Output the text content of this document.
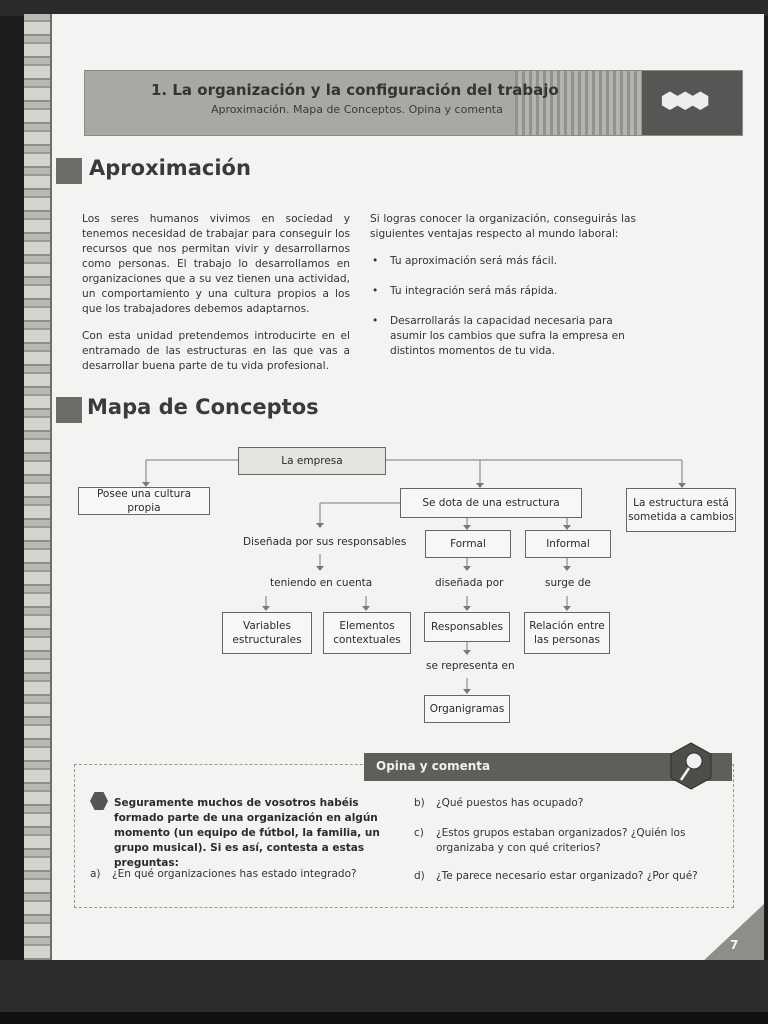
⬢⬢⬢
1. La organización y la configuración del trabajo
Aproximación. Mapa de Conceptos. Opina y comenta
Aproximación

Los seres humanos vivimos en sociedad y tenemos necesidad de trabajar para conseguir los recursos que nos permitan vivir y desarrollarnos como personas. El trabajo lo desarrollamos en organizaciones que a su vez tienen una actividad, un comportamiento y una cultura propios a los que los trabajadores debemos adaptarnos.

Con esta unidad pretendemos introducirte en el entramado de las estructuras en las que vas a desarrollar buena parte de tu vida profesional.

Si logras conocer la organización, conseguirás las siguientes ventajas respecto al mundo laboral:

• Tu aproximación será más fácil.
• Tu integración será más rápida.
• Desarrollarás la capacidad necesaria para asumir los cambios que sufra la empresa en distintos momentos de tu vida.
Mapa de Conceptos
La empresa
Posee una cultura propia	Se dota de una estructura	La estructura está sometida a cambios
Diseñada por sus responsables	Formal	Informal
teniendo en cuenta	diseñada por	surge de
Variables estructurales
Elementos contextuales
Responsables	Relación entre las personas
se representa en
Organigramas
Opina y comenta
Seguramente muchos de vosotros habéis formado parte de una organización en algún momento (un equipo de fútbol, la familia, un grupo musical). Si es así, contesta a estas preguntas:
a) ¿En qué organizaciones has estado integrado?
b) ¿Qué puestos has ocupado?
c)	¿Estos grupos estaban organizados? ¿Quién los organizaba y con qué criterios?
d) ¿Te parece necesario estar organizado? ¿Por qué?
7
